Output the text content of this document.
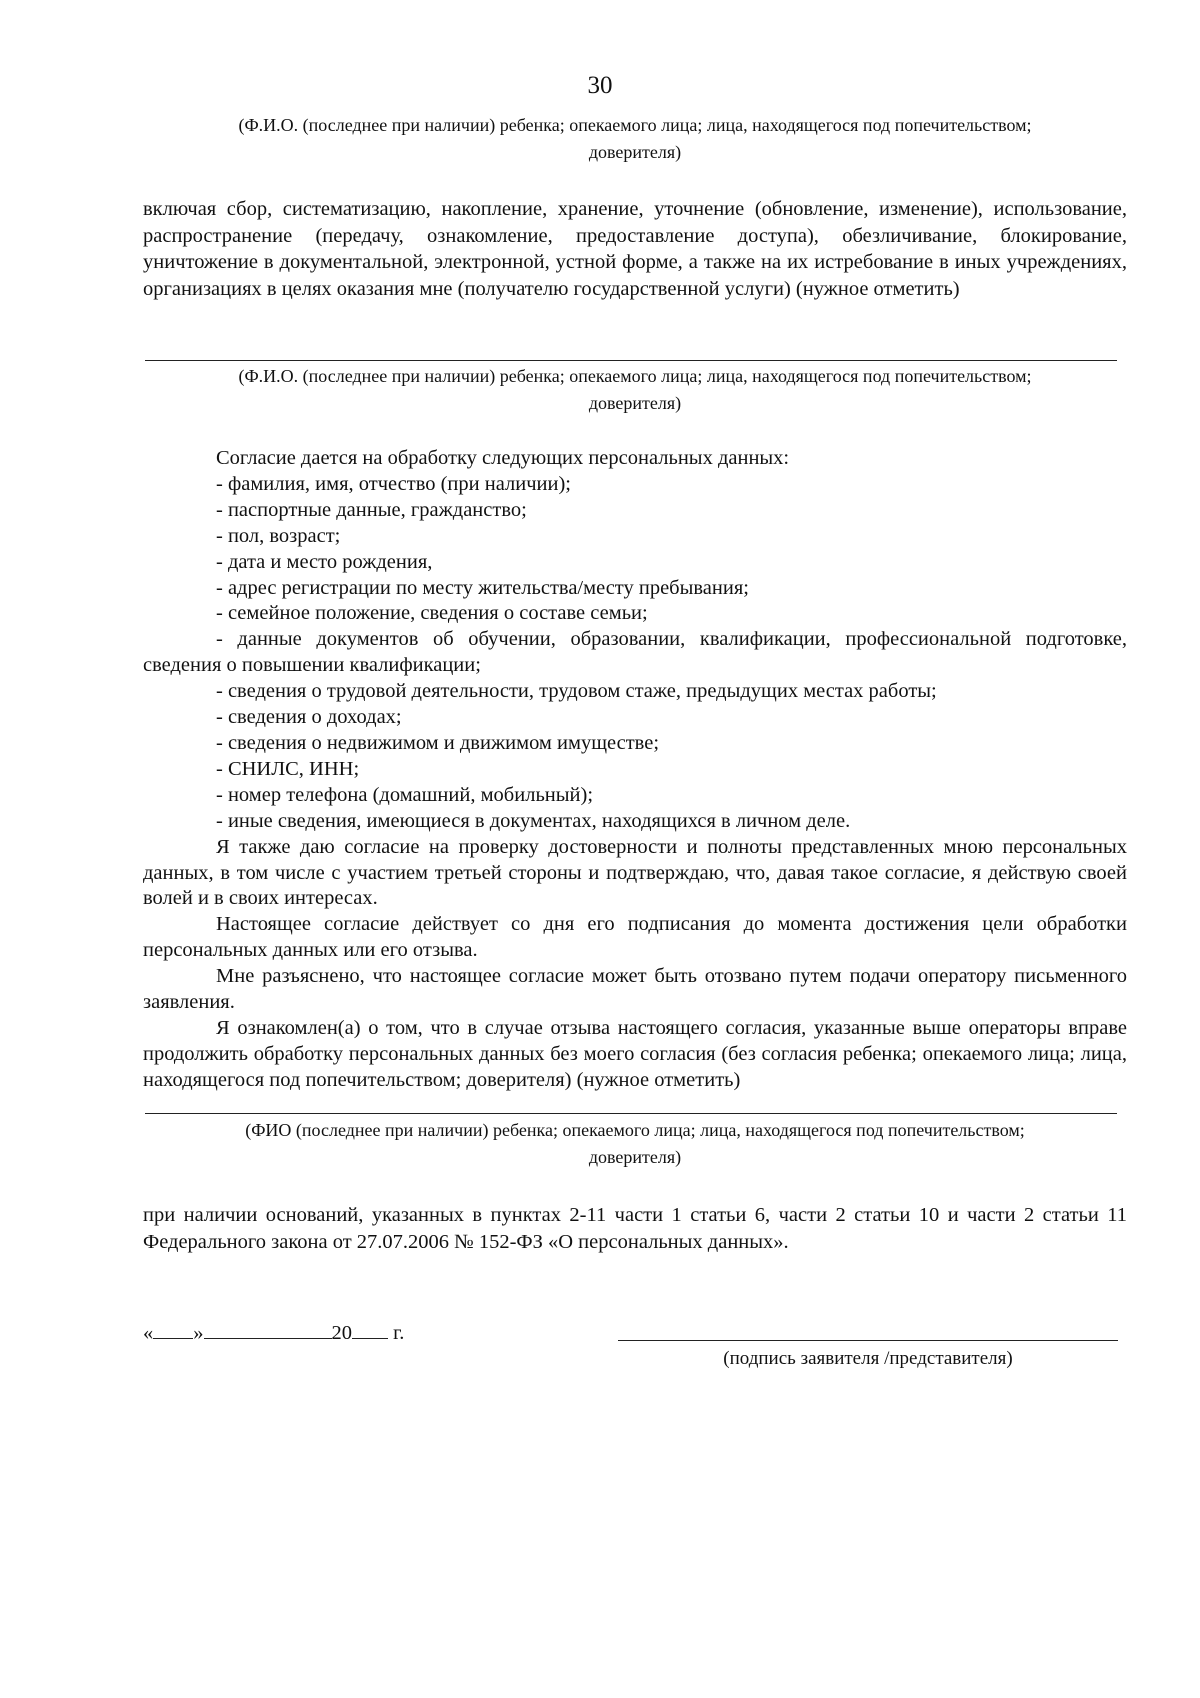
30
(Ф.И.О. (последнее при наличии) ребенка; опекаемого лица; лица, находящегося под попечительством;
доверителя)
включая сбор, систематизацию, накопление, хранение, уточнение (обновление, изменение), использование, распространение (передачу, ознакомление, предоставление доступа), обезличивание, блокирование, уничтожение в документальной, электронной, устной форме, а также на их истребование в иных учреждениях, организациях в целях оказания мне (получателю государственной услуги) (нужное отметить)
(Ф.И.О. (последнее при наличии) ребенка; опекаемого лица; лица, находящегося под попечительством;
доверителя)

Согласие дается на обработку следующих персональных данных:

- фамилия, имя, отчество (при наличии);

- паспортные данные, гражданство;

- пол, возраст;

- дата и место рождения,

- адрес регистрации по месту жительства/месту пребывания;

- семейное положение, сведения о составе семьи;

- данные документов об обучении, образовании, квалификации, профессиональной подготовке, сведения о повышении квалификации;

- сведения о трудовой деятельности, трудовом стаже, предыдущих местах работы;

- сведения о доходах;

- сведения о недвижимом и движимом имуществе;

- СНИЛС, ИНН;

- номер телефона (домашний, мобильный);

- иные сведения, имеющиеся в документах, находящихся в личном деле.

Я также даю согласие на проверку достоверности и полноты представленных мною персональных данных, в том числе с участием третьей стороны и подтверждаю, что, давая такое согласие, я действую своей волей и в своих интересах.

Настоящее согласие действует со дня его подписания до момента достижения цели обработки персональных данных или его отзыва.

Мне разъяснено, что настоящее согласие может быть отозвано путем подачи оператору письменного заявления.

Я ознакомлен(а) о том, что в случае отзыва настоящего согласия, указанные выше операторы вправе продолжить обработку персональных данных без моего согласия (без согласия ребенка; опекаемого лица; лица, находящегося под попечительством; доверителя) (нужное отметить)

(ФИО (последнее при наличии) ребенка; опекаемого лица; лица, находящегося под попечительством;
доверителя)
при наличии оснований, указанных в пунктах 2-11 части 1 статьи 6, части 2 статьи 10 и части 2 статьи 11 Федерального закона от 27.07.2006 № 152-ФЗ «О персональных данных».
« »	20 г.
(подпись заявителя /представителя)
